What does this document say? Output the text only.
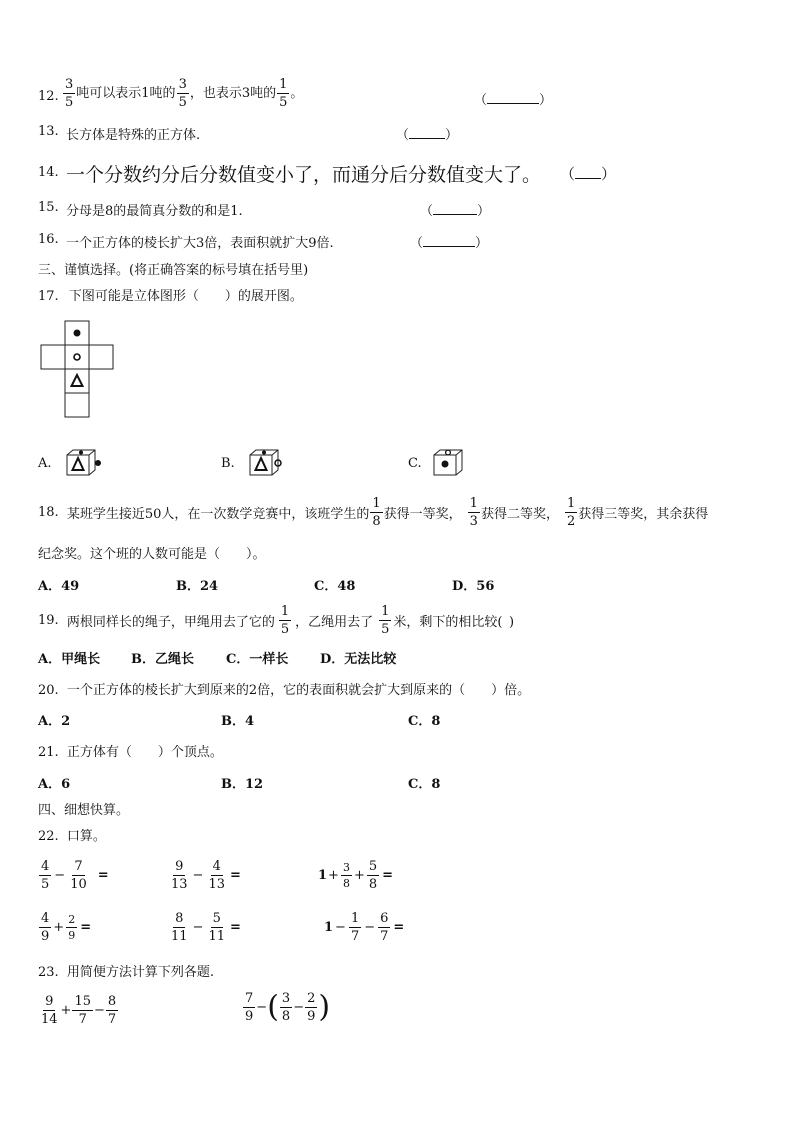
12. $\frac{3}{5}$ 吨可以表示1吨的 $\frac{3}{5}$ ，也表示3吨的 $\frac{1}{5}$ 。	（	）
13. 长方体是特殊的正方体.	（	）
14. 一个分数约分后分数值变小了，而通分后分数值变大了。 （ ）
15. 分母是8的最简真分数的和是1.	（	）
16. 一个正方体的棱长扩大3倍，表面积就扩大9倍.	（	）
三、谨慎选择。(将正确答案的标号填在括号里)
17. 下图可能是立体图形（　　）的展开图。
A.	B.	C.
18. 某班学生接近50人，在一次数学竞赛中，该班学生的 $\frac{1}{8}$ 获得一等奖， $\frac{1}{3}$ 获得二等奖， $\frac{1}{2}$ 获得三等奖，其余获得
纪念奖。这个班的人数可能是（　　）。
A．49	B．24	C．48	D．56
19. 两根同样长的绳子，甲绳用去了它的 $\frac{1}{5}$ ，乙绳用去了 $\frac{1}{5}$ 米，剩下的相比较( )
A．甲绳长 B．乙绳长 C．一样长 D．无法比较
20. 一个正方体的棱长扩大到原来的2倍，它的表面积就会扩大到原来的（　　）倍。
A．2	B．4	C．8
21. 正方体有（　　）个顶点。
A．6	B．12	C．8
四、细想快算。
22. 口算。
$\frac{4}{5} - \frac{7}{10}$ =	$\frac{9}{13} - \frac{4}{13}$ =	$1+ \frac{3}{8} + \frac{5}{8}$ =
$\frac{4}{9} + \frac{2}{9}$ =	$\frac{8}{11} - \frac{5}{11}$ =	$1 - \frac{1}{7} - \frac{6}{7}$ =
23. 用简便方法计算下列各题.
$\frac{9}{14} + \frac{15}{7} - \frac{8}{7}$	$\frac{7}{9}$ −( $\frac{3}{8} - \frac{2}{9}$ )
